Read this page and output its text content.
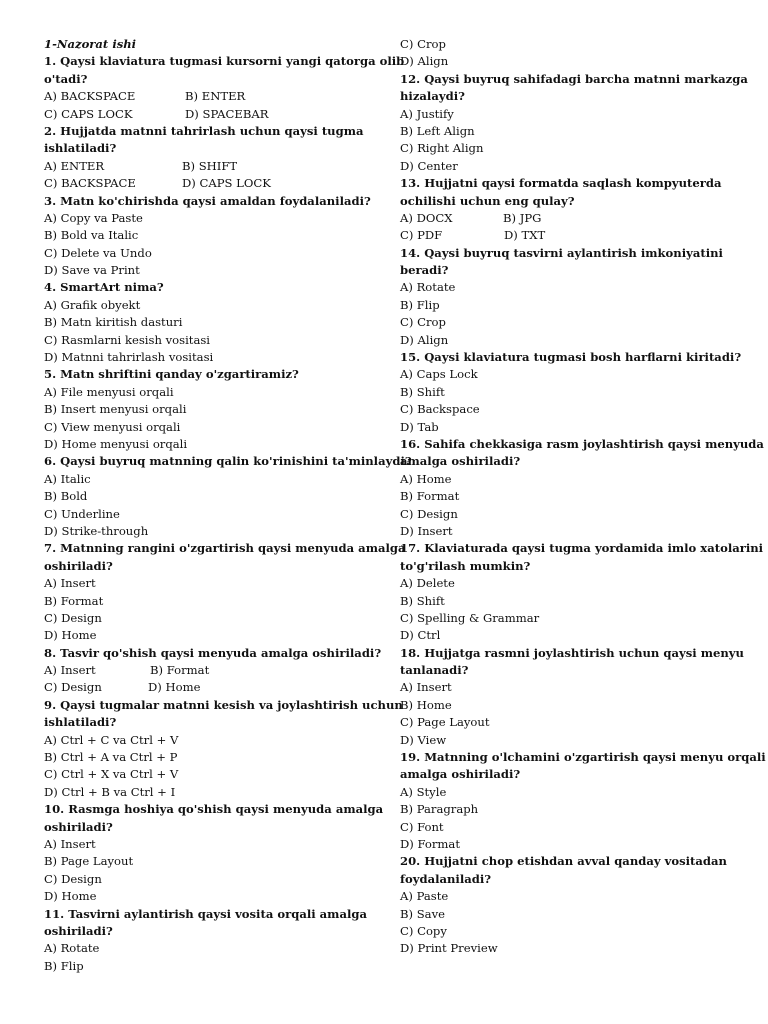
1-Nazorat ishi
1. Qaysi klaviatura tugmasi kursorni yangi qatorga olib
o'tadi?
A) BACKSPACE	B) ENTER
C) CAPS LOCK	D) SPACEBAR
2. Hujjatda matnni tahrirlash uchun qaysi tugma
ishlatiladi?
A) ENTER	B) SHIFT
C) BACKSPACE	D) CAPS LOCK
3. Matn ko'chirishda qaysi amaldan foydalaniladi?
A) Copy va Paste
B) Bold va Italic
C) Delete va Undo
D) Save va Print
4. SmartArt nima?
A) Grafik obyekt
B) Matn kiritish dasturi
C) Rasmlarni kesish vositasi
D) Matnni tahrirlash vositasi
5. Matn shriftini qanday o'zgartiramiz?
A) File menyusi orqali
B) Insert menyusi orqali
C) View menyusi orqali
D) Home menyusi orqali
6. Qaysi buyruq matnning qalin ko'rinishini ta'minlaydi?
A) Italic
B) Bold
C) Underline
D) Strike-through
7. Matnning rangini o'zgartirish qaysi menyuda amalga
oshiriladi?
A) Insert
B) Format
C) Design
D) Home
8. Tasvir qo'shish qaysi menyuda amalga oshiriladi?
A) Insert	B) Format
C) Design	D) Home
9. Qaysi tugmalar matnni kesish va joylashtirish uchun
ishlatiladi?
A) Ctrl + C va Ctrl + V
B) Ctrl + A va Ctrl + P
C) Ctrl + X va Ctrl + V
D) Ctrl + B va Ctrl + I
10. Rasmga hoshiya qo'shish qaysi menyuda amalga
oshiriladi?
A) Insert
B) Page Layout
C) Design
D) Home
11. Tasvirni aylantirish qaysi vosita orqali amalga
oshiriladi?
A) Rotate
B) Flip
C) Crop
D) Align
12. Qaysi buyruq sahifadagi barcha matnni markazga
hizalaydi?
A) Justify
B) Left Align
C) Right Align
D) Center
13. Hujjatni qaysi formatda saqlash kompyuterda
ochilishi uchun eng qulay?
A) DOCX	B) JPG
C) PDF	D) TXT
14. Qaysi buyruq tasvirni aylantirish imkoniyatini
beradi?
A) Rotate
B) Flip
C) Crop
D) Align
15. Qaysi klaviatura tugmasi bosh harflarni kiritadi?
A) Caps Lock
B) Shift
C) Backspace
D) Tab
16. Sahifa chekkasiga rasm joylashtirish qaysi menyuda
amalga oshiriladi?
A) Home
B) Format
C) Design
D) Insert
17. Klaviaturada qaysi tugma yordamida imlo xatolarini
to'g'rilash mumkin?
A) Delete
B) Shift
C) Spelling & Grammar
D) Ctrl
18. Hujjatga rasmni joylashtirish uchun qaysi menyu
tanlanadi?
A) Insert
B) Home
C) Page Layout
D) View
19. Matnning o'lchamini o'zgartirish qaysi menyu orqali
amalga oshiriladi?
A) Style
B) Paragraph
C) Font
D) Format
20. Hujjatni chop etishdan avval qanday vositadan
foydalaniladi?
A) Paste
B) Save
C) Copy
D) Print Preview
